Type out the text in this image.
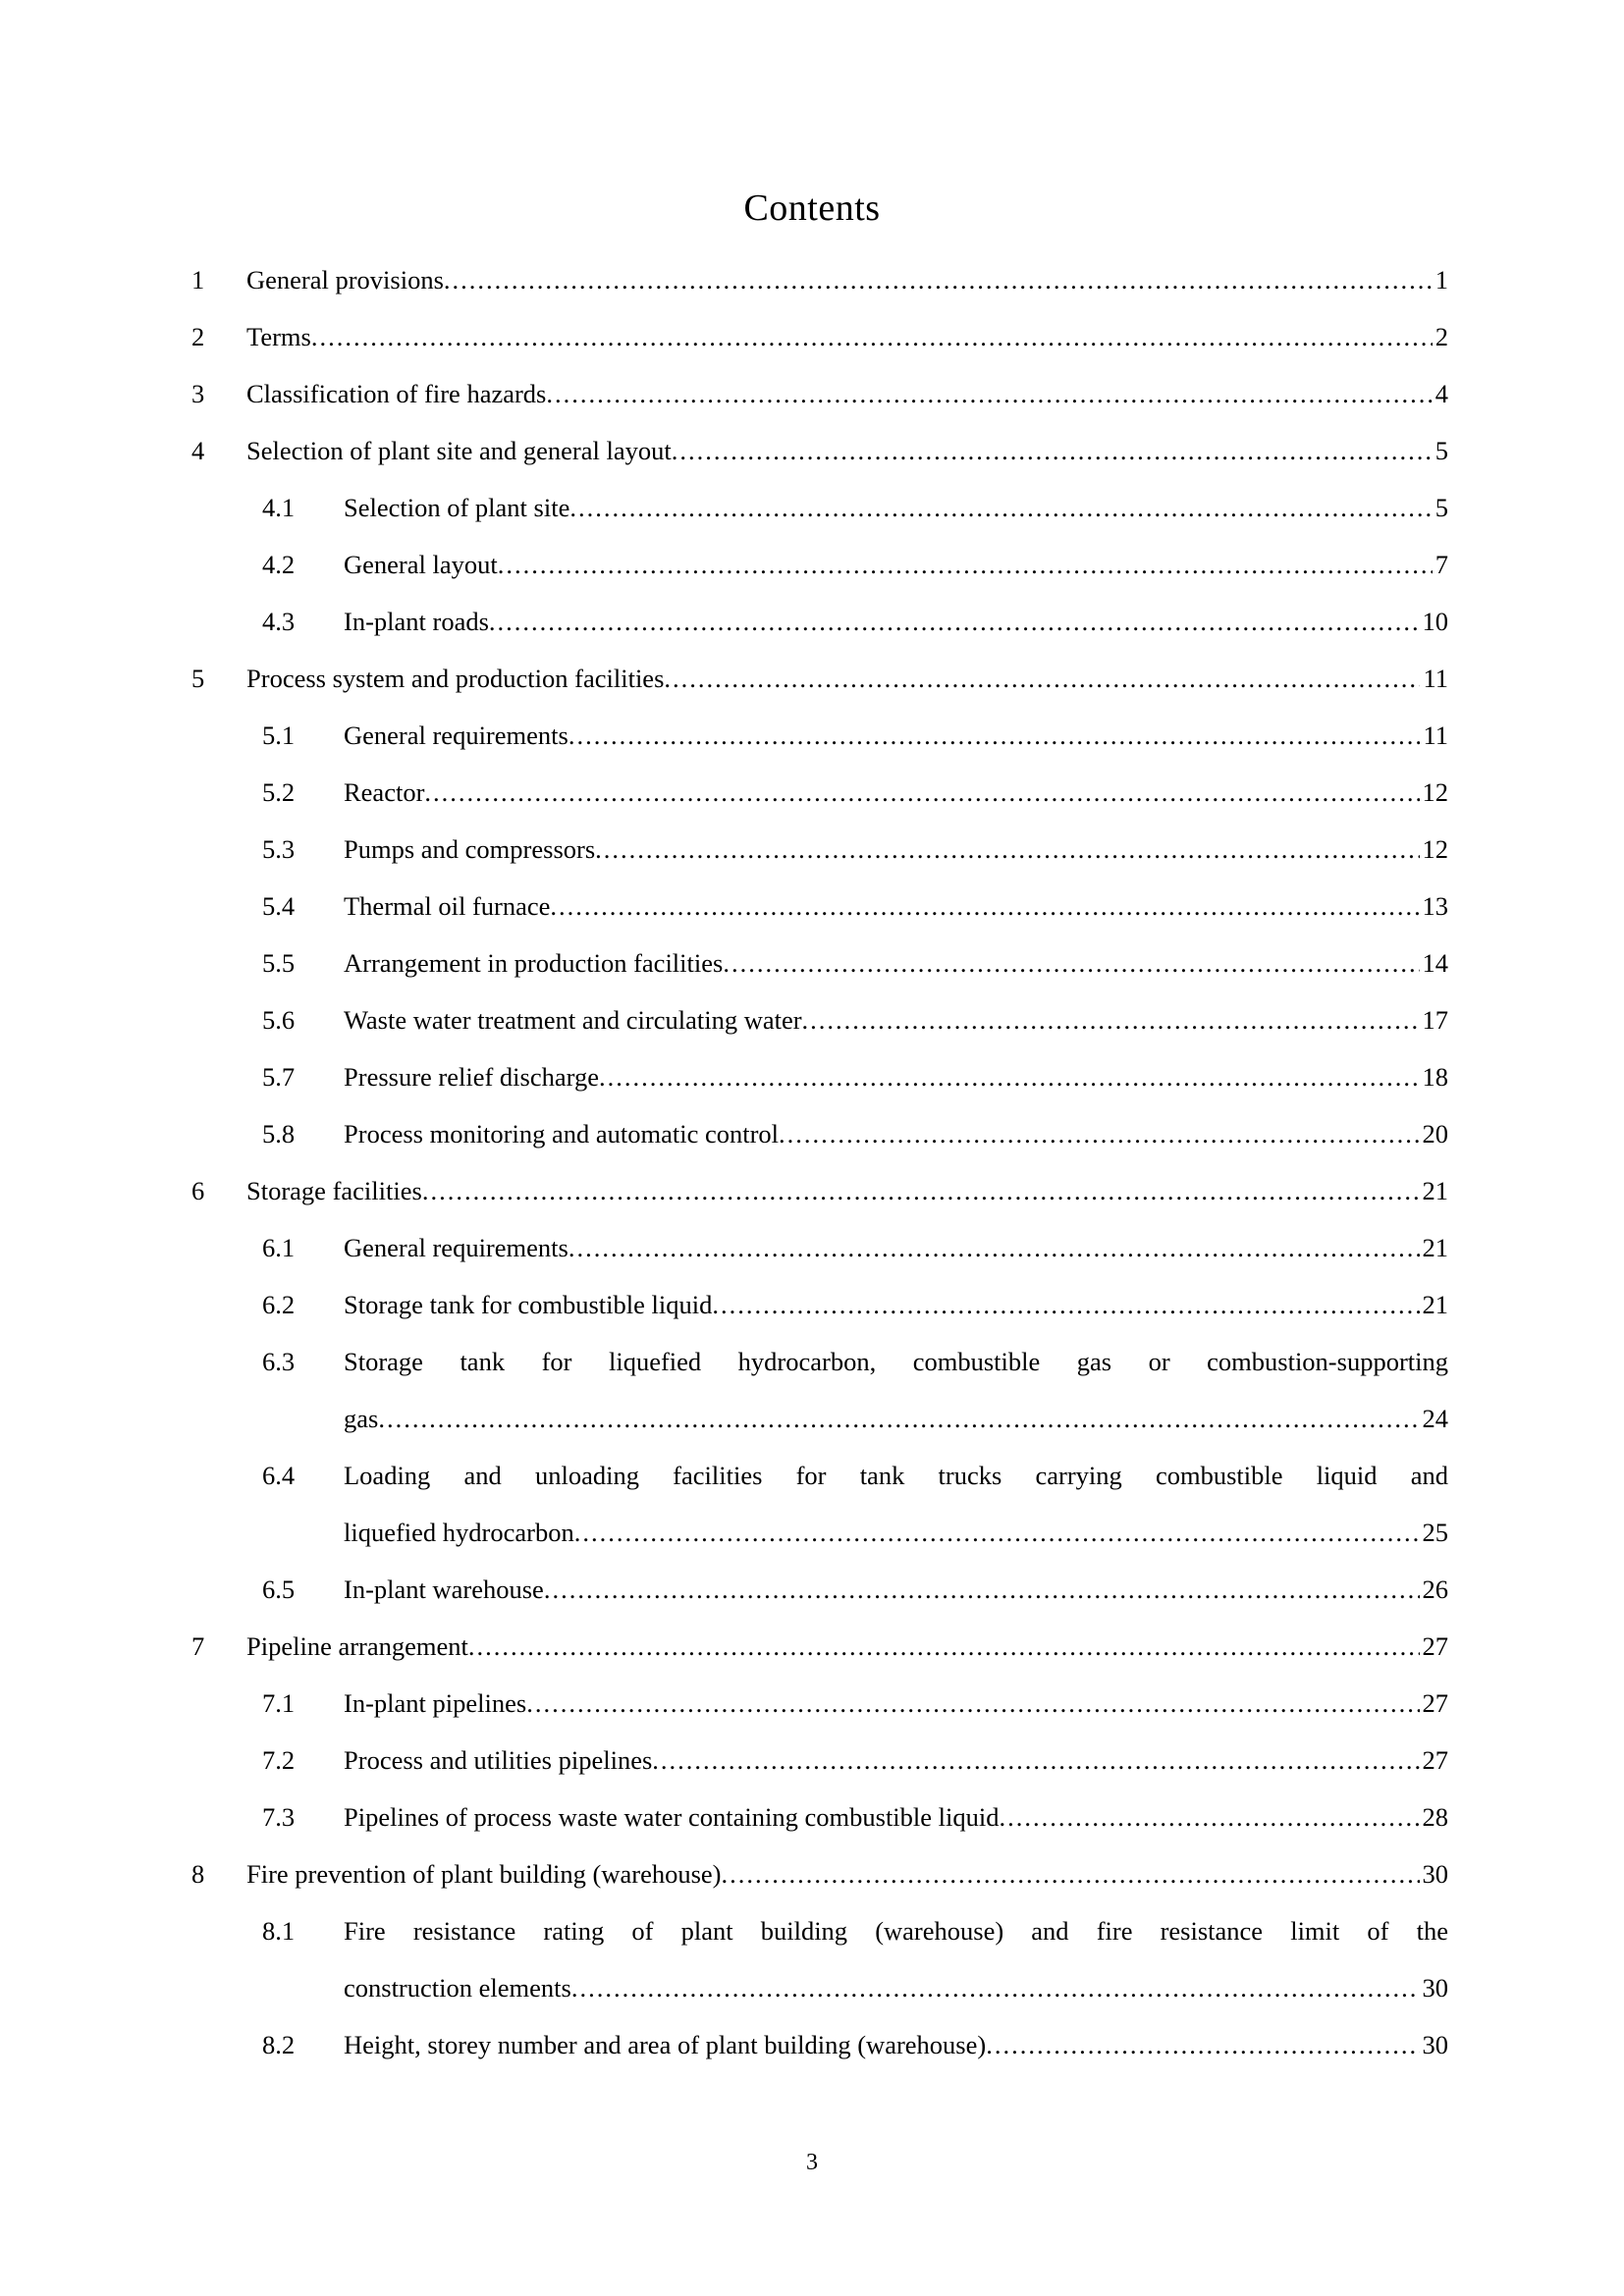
Contents
1	General provisions .....	1
2	Terms .....	2
3	Classification of fire hazards .....	4
4	Selection of plant site and general layout .....	5
4.1	Selection of plant site .....	5
4.2	General layout .....	7
4.3	In-plant roads .....	10
5	Process system and production facilities .....	11
5.1	General requirements .....	11
5.2	Reactor .....	12
5.3	Pumps and compressors .....	12
5.4	Thermal oil furnace .....	13
5.5	Arrangement in production facilities .....	14
5.6	Waste water treatment and circulating water .....	17
5.7	Pressure relief discharge .....	18
5.8	Process monitoring and automatic control .....	20
6	Storage facilities .....	21
6.1	General requirements .....	21
6.2	Storage tank for combustible liquid .....	21
6.3	Storage tank for liquefied hydrocarbon, combustible gas or combustion-supporting
gas .....	24
6.4	Loading and unloading facilities for tank trucks carrying combustible liquid and
liquefied hydrocarbon .....	25
6.5	In-plant warehouse .....	26
7	Pipeline arrangement .....	27
7.1	In-plant pipelines .....	27
7.2	Process and utilities pipelines .....	27
7.3	Pipelines of process waste water containing combustible liquid .....	28
8	Fire prevention of plant building (warehouse) .....	30
8.1	Fire resistance rating of plant building (warehouse) and fire resistance limit of the
construction elements .....	30
8.2	Height, storey number and area of plant building (warehouse) .....	30
3
